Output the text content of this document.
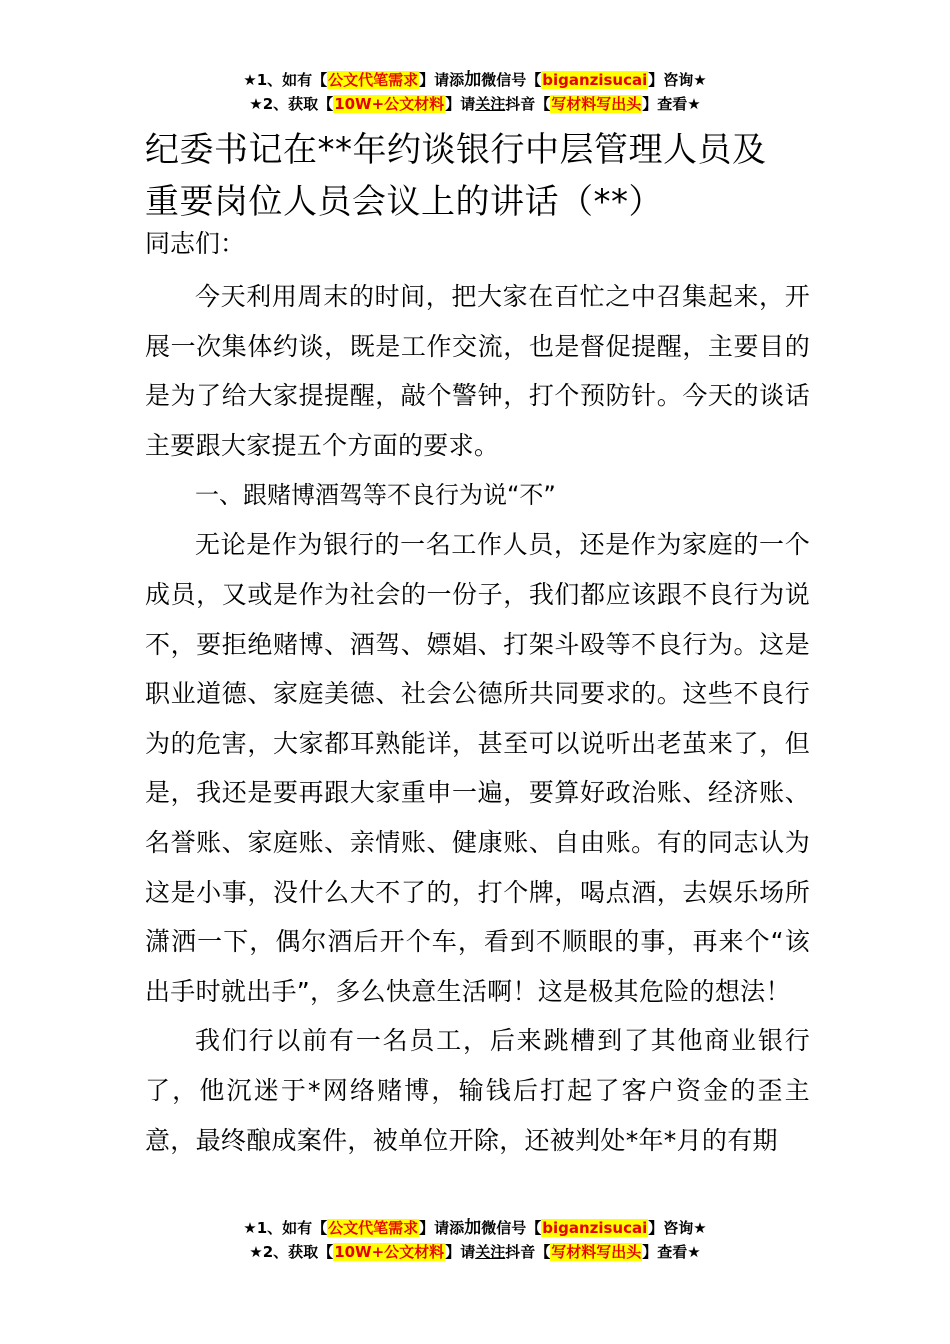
★1、如有【公文代笔需求】请添加微信号【biganzisucai】咨询★
★2、获取【10W+公文材料】请关注抖音【写材料写出头】查看★
纪委书记在**年约谈银行中层管理人员及
重要岗位人员会议上的讲话（**）
同志们：

今天利用周末的时间，把大家在百忙之中召集起来，开展一次集体约谈，既是工作交流，也是督促提醒，主要目的是为了给大家提提醒，敲个警钟，打个预防针。今天的谈话主要跟大家提五个方面的要求。

一、跟赌博酒驾等不良行为说“不”

无论是作为银行的一名工作人员，还是作为家庭的一个成员，又或是作为社会的一份子，我们都应该跟不良行为说不，要拒绝赌博、酒驾、嫖娼、打架斗殴等不良行为。这是职业道德、家庭美德、社会公德所共同要求的。这些不良行为的危害，大家都耳熟能详，甚至可以说听出老茧来了，但是，我还是要再跟大家重申一遍，要算好政治账、经济账、名誉账、家庭账、亲情账、健康账、自由账。有的同志认为这是小事，没什么大不了的，打个牌，喝点酒，去娱乐场所潇洒一下，偶尔酒后开个车，看到不顺眼的事，再来个“该出手时就出手”，多么快意生活啊！这是极其危险的想法！

我们行以前有一名员工，后来跳槽到了其他商业银行了，他沉迷于*网络赌博，输钱后打起了客户资金的歪主意，最终酿成案件，被单位开除，还被判处*年*月的有期

★1、如有【公文代笔需求】请添加微信号【biganzisucai】咨询★
★2、获取【10W+公文材料】请关注抖音【写材料写出头】查看★
